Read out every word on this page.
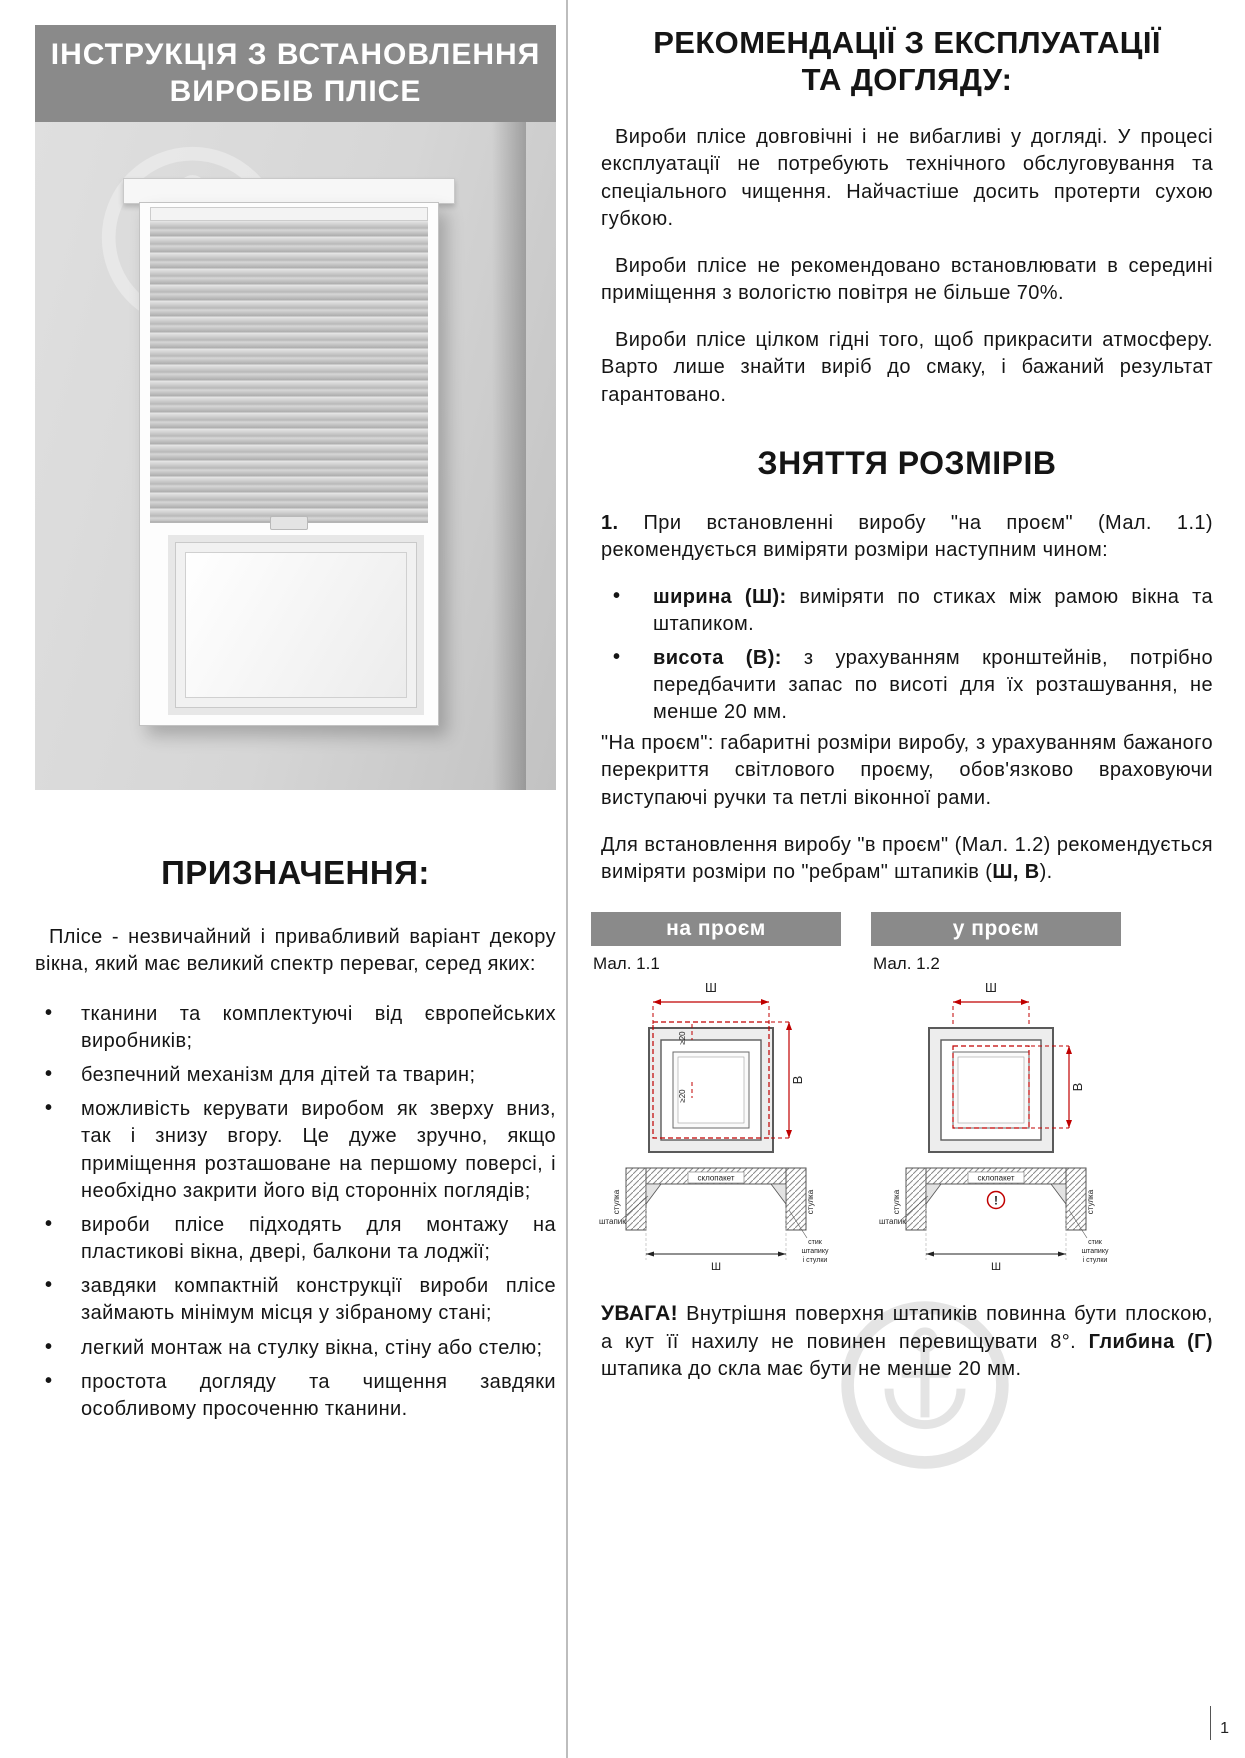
ІНСТРУКЦІЯ З ВСТАНОВЛЕННЯ
ВИРОБІВ ПЛІСЕ
ПРИЗНАЧЕННЯ:

Плісе - незвичайний і привабливий варіант декору вікна, який має великий спектр переваг, серед яких:

• тканини та комплектуючі від європейських виробників;
• безпечний механізм для дітей та тварин;
• можливість керувати виробом як зверху вниз, так і знизу вгору. Це дуже зручно, якщо приміщення розташоване на першому поверсі, і необхідно закрити його від сторонніх поглядів;
• вироби плісе підходять для монтажу на пластикові вікна, двері, балкони та лоджії;
• завдяки компактній конструкції вироби плісе займають мінімум місця у зібраному стані;
• легкий монтаж на стулку вікна, стіну або стелю;
• простота догляду та чищення завдяки особливому просоченню тканини.
РЕКОМЕНДАЦІЇ З ЕКСПЛУАТАЦІЇ
ТА ДОГЛЯДУ:

Вироби плісе довговічні і не вибагливі у догляді. У процесі експлуатації не потребують технічного обслуговування та спеціального чищення. Найчастіше досить протерти сухою губкою.

Вироби плісе не рекомендовано встановлювати в середині приміщення з вологістю повітря не більше 70%.

Вироби плісе цілком гідні того, щоб прикрасити атмосферу. Варто лише знайти виріб до смаку, і бажаний результат гарантовано.

ЗНЯТТЯ РОЗМІРІВ

1. При встановленні виробу "на проєм" (Мал. 1.1) рекомендується виміряти розміри наступним чином:

• ширина (Ш): виміряти по стиках між рамою вікна та штапиком.
• висота (В): з урахуванням кронштейнів, потрібно передбачити запас по висоті для їх розташування, не менше 20 мм.

"На проєм": габаритні розміри виробу, з урахуванням бажаного перекриття світлового проєму, обов'язково враховуючи виступаючі ручки та петлі віконної рами.

Для встановлення виробу "в проєм" (Мал. 1.2) рекомендується виміряти розміри по "ребрам" штапиків (Ш, В).

на проєм
Мал. 1.1
Ш
В
≥20
≥20
склопакет
стулка	стулка
штапик
Ш
стик
штапику
і стулки
у проєм
Мал. 1.2
Ш
В
склопакет
!
стулка	стулка
штапик
Ш
стик
штапику
і стулки

УВАГА! Внутрішня поверхня штапиків повинна бути плоскою, а кут її нахилу не повинен перевищувати 8°. Глибина (Г) штапика до скла має бути не менше 20 мм.

1
